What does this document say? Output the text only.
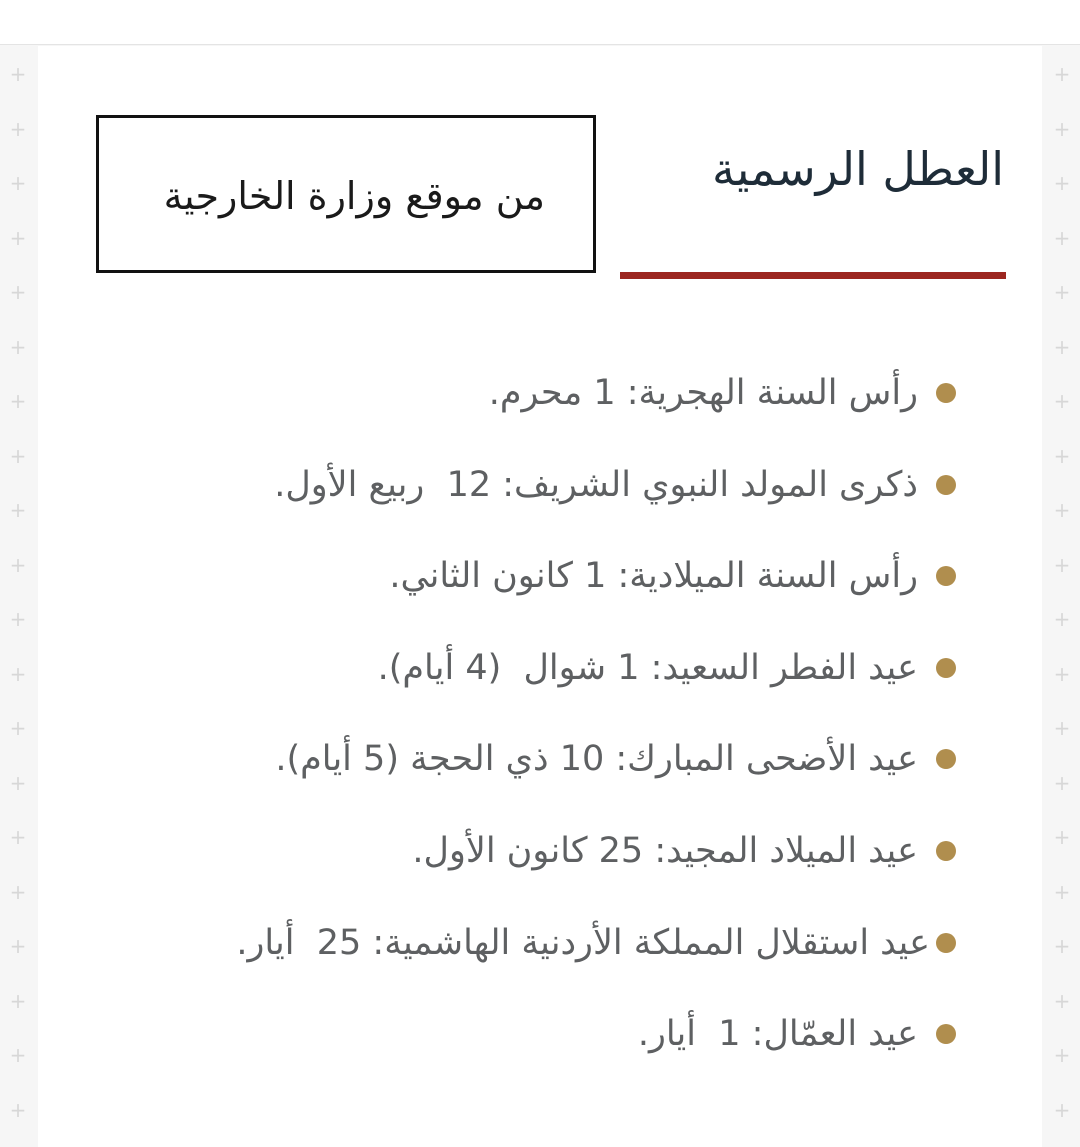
+
+
+
+
+
+
+
+
+
+
+
+
+
+
+
+
+
+
+
+
+
+
+
+
+
+
+
+
+
+
+
+
+
+
+
+
+
+
+
+
من موقع وزارة الخارجية	العطل الرسمية
رأس السنة الهجرية: 1 محرم.
ذكرى المولد النبوي الشريف: 12  ربيع الأول.
رأس السنة الميلادية: 1 كانون الثاني.
عيد الفطر السعيد: 1 شوال  (4 أيام).
عيد الأضحى المبارك: 10 ذي الحجة (5 أيام).
عيد الميلاد المجيد: 25 كانون الأول.
عيد استقلال المملكة الأردنية الهاشمية: 25  أيار.
عيد العمّال: 1  أيار.
